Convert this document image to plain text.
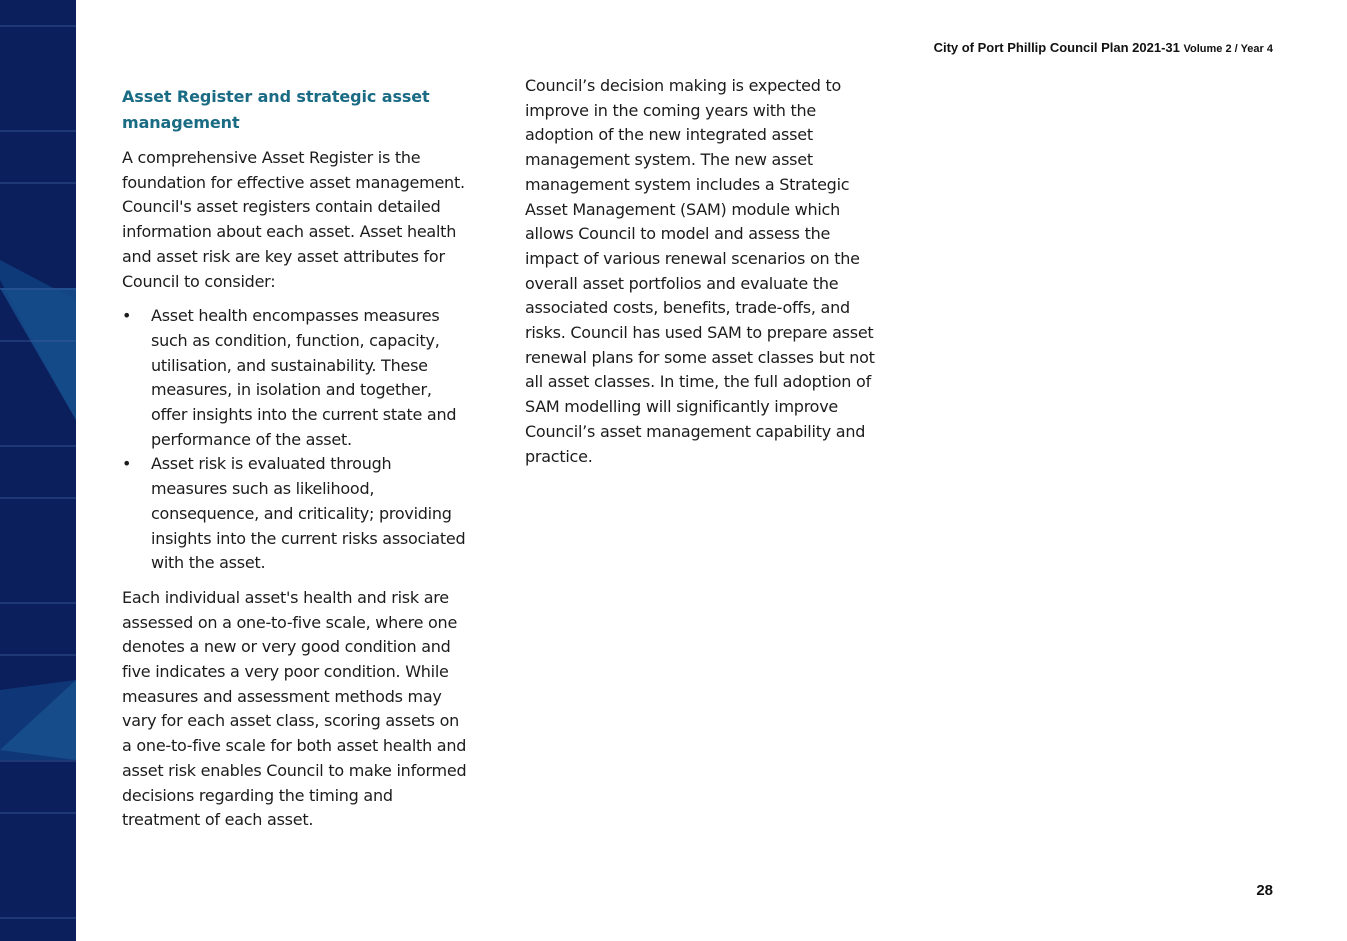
City of Port Phillip Council Plan 2021-31 Volume 2 / Year 4
Asset Register and strategic asset management

A comprehensive Asset Register is the foundation for effective asset management. Council's asset registers contain detailed information about each asset. Asset health and asset risk are key asset attributes for Council to consider:

• Asset health encompasses measures such as condition, function, capacity, utilisation, and sustainability. These measures, in isolation and together, offer insights into the current state and performance of the asset.
• Asset risk is evaluated through measures such as likelihood, consequence, and criticality; providing insights into the current risks associated with the asset.

Each individual asset's health and risk are assessed on a one-to-five scale, where one denotes a new or very good condition and five indicates a very poor condition. While measures and assessment methods may vary for each asset class, scoring assets on a one-to-five scale for both asset health and asset risk enables Council to make informed decisions regarding the timing and treatment of each asset.

Council’s decision making is expected to improve in the coming years with the adoption of the new integrated asset management system. The new asset management system includes a Strategic Asset Management (SAM) module which allows Council to model and assess the impact of various renewal scenarios on the overall asset portfolios and evaluate the associated costs, benefits, trade-offs, and risks. Council has used SAM to prepare asset renewal plans for some asset classes but not all asset classes. In time, the full adoption of SAM modelling will significantly improve Council’s asset management capability and practice.

28
